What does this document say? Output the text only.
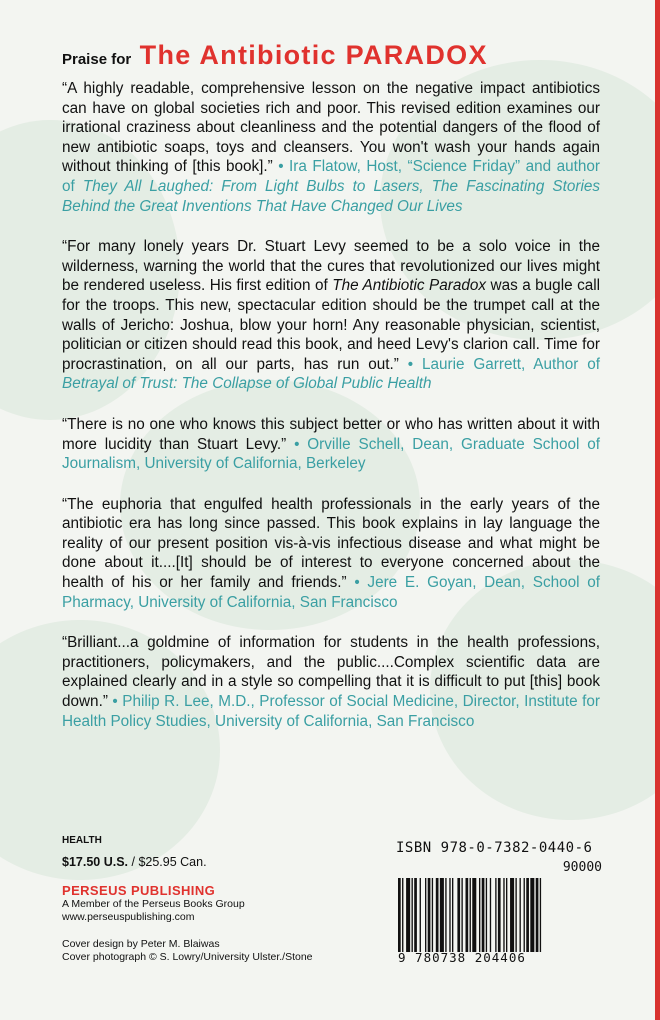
Praise for The Antibiotic PARADOX

“A highly readable, comprehensive lesson on the negative impact antibiotics can have on global societies rich and poor. This revised edition examines our irrational craziness about cleanliness and the potential dangers of the flood of new antibiotic soaps, toys and cleansers. You won't wash your hands again without thinking of [this book].” • Ira Flatow, Host, “Science Friday” and author of They All Laughed: From Light Bulbs to Lasers, The Fascinating Stories Behind the Great Inventions That Have Changed Our Lives

“For many lonely years Dr. Stuart Levy seemed to be a solo voice in the wilderness, warning the world that the cures that revolutionized our lives might be rendered useless. His first edition of The Antibiotic Paradox was a bugle call for the troops. This new, spectacular edition should be the trumpet call at the walls of Jericho: Joshua, blow your horn! Any reasonable physician, scientist, politician or citizen should read this book, and heed Levy's clarion call. Time for procrastination, on all our parts, has run out.” • Laurie Garrett, Author of Betrayal of Trust: The Collapse of Global Public Health

“There is no one who knows this subject better or who has written about it with more lucidity than Stuart Levy.” • Orville Schell, Dean, Graduate School of Journalism, University of California, Berkeley

“The euphoria that engulfed health professionals in the early years of the antibiotic era has long since passed. This book explains in lay language the reality of our present position vis-à-vis infectious disease and what might be done about it....[It] should be of interest to everyone concerned about the health of his or her family and friends.” • Jere E. Goyan, Dean, School of Pharmacy, University of California, San Francisco

“Brilliant...a goldmine of information for students in the health professions, practitioners, policymakers, and the public....Complex scientific data are explained clearly and in a style so compelling that it is difficult to put [this] book down.” • Philip R. Lee, M.D., Professor of Social Medicine, Director, Institute for Health Policy Studies, University of California, San Francisco

HEALTH
$17.50 U.S. / $25.95 Can.
PERSEUS PUBLISHING
A Member of the Perseus Books Group
www.perseuspublishing.com
Cover design by Peter M. Blaiwas
Cover photograph © S. Lowry/University Ulster./Stone
ISBN 978-0-7382-0440-6
90000
9 780738 204406
